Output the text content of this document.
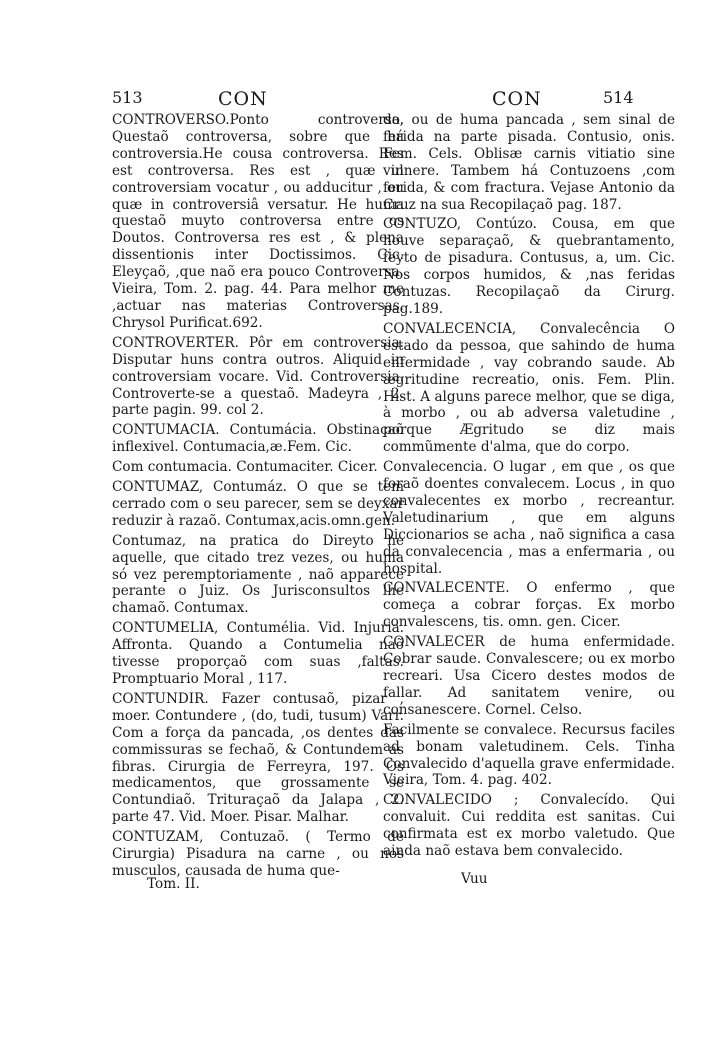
513	CON	CON	514

CONTROVERSO.Ponto controverso. Questaõ controversa, sobre que há controversia.He cousa controversa. Res est controversa. Res est , quæ in controversiam vocatur , ou adducitur , ou quæ in controversiâ versatur. He huma questaõ muyto controversa entre os Doutos. Controversa res est , & plena dissentionis inter Doctissimos. Cic. Eleyçaõ, ,que naõ era pouco Controversa. Vieira, Tom. 2. pag. 44. Para melhor me ,actuar nas materias Controversas. Chrysol Purificat.692.

CONTROVERTER. Pôr em controversia. Disputar huns contra outros. Aliquid in controversiam vocare. Vid. Controversia. Controverte-se a questaõ. Madeyra , 2. parte pagin. 99. col 2.

CONTUMACIA. Contumácia. Obstinaçaõ inflexivel. Contumacia,æ.Fem. Cic.

Com contumacia. Contumaciter. Cicer.

CONTUMAZ, Contumáz. O que se tem cerrado com o seu parecer, sem se deyxar reduzir à razaõ. Contumax,acis.omn.gen.

Contumaz, na pratica do Direyto he aquelle, que citado trez vezes, ou huma só vez peremptoriamente , naõ apparece perante o Juiz. Os Jurisconsultos lhe chamaõ. Contumax.

CONTUMELIA, Contumélia. Vid. Injuria. Affronta. Quando a Contumelia naõ tivesse proporçaõ com suas ,faltas. Promptuario Moral , 117.

CONTUNDIR. Fazer contusaõ, pizar , moer. Contundere , (do, tudi, tusum) Varr. Com a força da pancada, ,os dentes das commissuras se fechaõ, & Contundem as fibras. Cirurgia de Ferreyra, 197. Os medicamentos, que grossamente se Contundiaõ. Trituraçaõ da Jalapa , 2. parte 47. Vid. Moer. Pisar. Malhar.

CONTUZAM, Contuzaõ. ( Termo de Cirurgia) Pisadura na carne , ou nos musculos, causada de huma que-

da, ou de huma pancada , sem sinal de ferida na parte pisada. Contusio, onis. Fem. Cels. Oblisæ carnis vitiatio sine vulnere. Tambem há Contuzoens ,com ferida, & com fractura. Vejase Antonio da Cruz na sua Recopilaçaõ pag. 187.

CONTUZO, Contúzo. Cousa, em que houve separaçaõ, & quebrantamento, feyto de pisadura. Contusus, a, um. Cic. Nos corpos humidos, & ,nas feridas Contuzas. Recopilaçaõ da Cirurg. pag.189.

CONVALECENCIA, Convalecência O estado da pessoa, que sahindo de huma enfermidade , vay cobrando saude. Ab ægritudine recreatio, onis. Fem. Plin. Hist. A alguns parece melhor, que se diga, à morbo , ou ab adversa valetudine , porque Ægritudo se diz mais commũmente d'alma, que do corpo.

Convalecencia. O lugar , em que , os que foraõ doentes convalecem. Locus , in quo convalecentes ex morbo , recreantur. Valetudinarium , que em alguns Diccionarios se acha , naõ significa a casa da convalecencia , mas a enfermaria , ou hospital.

CONVALECENTE. O enfermo , que começa a cobrar forças. Ex morbo convalescens, tis. omn. gen. Cicer.

CONVALECER de huma enfermidade. Cobrar saude. Convalescere; ou ex morbo recreari. Usa Cicero destes modos de fallar. Ad sanitatem venire, ou consanescere. Cornel. Celso.

Facilmente se convalece. Recursus faciles ad bonam valetudinem. Cels. Tinha Convalecido d'aquella grave enfermidade. Vieira, Tom. 4. pag. 402.

CONVALECIDO ; Convalecído. Qui convaluit. Cui reddita est sanitas. Cui confirmata est ex morbo valetudo. Que ainda naõ estava bem convalecido.

Tom. II.	Vuu
